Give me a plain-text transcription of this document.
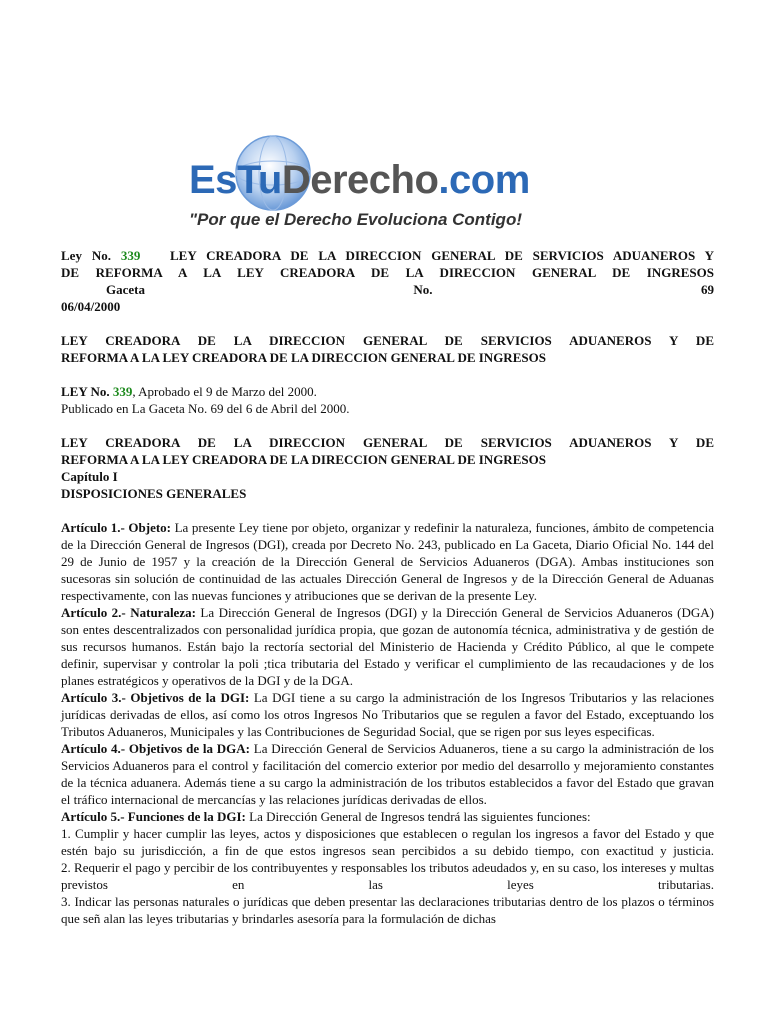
EsTuDerecho.com
"Por que el Derecho Evoluciona Contigo!

Ley No. 339 LEY CREADORA DE LA DIRECCION GENERAL DE SERVICIOS ADUANEROS Y

DE REFORMA A LA LEY CREADORA DE LA DIRECCION GENERAL DE INGRESOS

Gaceta	No.	69

06/04/2000

LEY CREADORA DE LA DIRECCION GENERAL DE SERVICIOS ADUANEROS Y DE

REFORMA A LA LEY CREADORA DE LA DIRECCION GENERAL DE INGRESOS

LEY No. 339, Aprobado el 9 de Marzo del 2000.

Publicado en La Gaceta No. 69 del 6 de Abril del 2000.

LEY CREADORA DE LA DIRECCION GENERAL DE SERVICIOS ADUANEROS Y DE

REFORMA A LA LEY CREADORA DE LA DIRECCION GENERAL DE INGRESOS

Capítulo I

DISPOSICIONES GENERALES

Artículo 1.- Objeto: La presente Ley tiene por objeto, organizar y redefinir la naturaleza, funciones, ámbito de competencia de la Dirección General de Ingresos (DGI), creada por Decreto No. 243, publicado en La Gaceta, Diario Oficial No. 144 del 29 de Junio de 1957 y la creación de la Dirección General de Servicios Aduaneros (DGA). Ambas instituciones son sucesoras sin solución de continuidad de las actuales Dirección General de Ingresos y de la Dirección General de Aduanas respectivamente, con las nuevas funciones y atribuciones que se derivan de la presente Ley.

Artículo 2.- Naturaleza: La Dirección General de Ingresos (DGI) y la Dirección General de Servicios Aduaneros (DGA) son entes descentralizados con personalidad jurídica propia, que gozan de autonomía técnica, administrativa y de gestión de sus recursos humanos. Están bajo la rectoría sectorial del Ministerio de Hacienda y Crédito Público, al que le compete definir, supervisar y controlar la poli ;tica tributaria del Estado y verificar el cumplimiento de las recaudaciones y de los planes estratégicos y operativos de la DGI y de la DGA.

Artículo 3.- Objetivos de la DGI: La DGI tiene a su cargo la administración de los Ingresos Tributarios y las relaciones jurídicas derivadas de ellos, así como los otros Ingresos No Tributarios que se regulen a favor del Estado, exceptuando los Tributos Aduaneros, Municipales y las Contribuciones de Seguridad Social, que se rigen por sus leyes especificas.

Artículo 4.- Objetivos de la DGA: La Dirección General de Servicios Aduaneros, tiene a su cargo la administración de los Servicios Aduaneros para el control y facilitación del comercio exterior por medio del desarrollo y mejoramiento constantes de la técnica aduanera. Además tiene a su cargo la administración de los tributos establecidos a favor del Estado que gravan el tráfico internacional de mercancías y las relaciones jurídicas derivadas de ellos.

Artículo 5.- Funciones de la DGI: La Dirección General de Ingresos tendrá las siguientes funciones:

1. Cumplir y hacer cumplir las leyes, actos y disposiciones que establecen o regulan los ingresos a favor del Estado y que estén bajo su jurisdicción, a fin de que estos ingresos sean percibidos a su debido tiempo, con exactitud y justicia.

2. Requerir el pago y percibir de los contribuyentes y responsables los tributos adeudados y, en su caso, los intereses y multas previstos en las leyes tributarias.

3. Indicar las personas naturales o jurídicas que deben presentar las declaraciones tributarias dentro de los plazos o términos que señ alan las leyes tributarias y brindarles asesoría para la formulación de dichas
